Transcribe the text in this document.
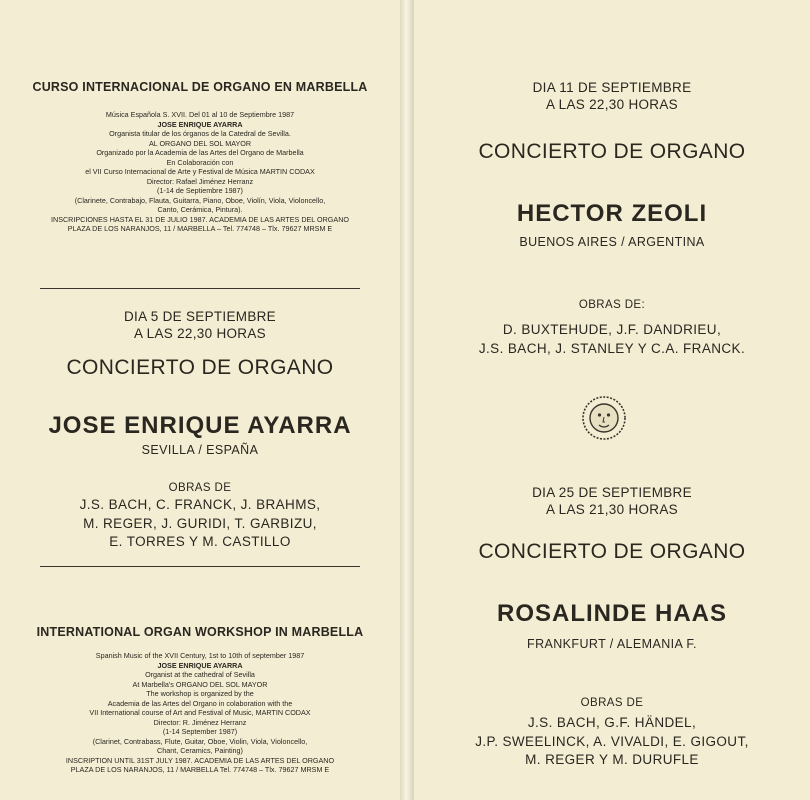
CURSO INTERNACIONAL DE ORGANO EN MARBELLA
Música Española S. XVII. Del 01 al 10 de Septiembre 1987
JOSE ENRIQUE AYARRA
Organista titular de los órganos de la Catedral de Sevilla.
AL ORGANO DEL SOL MAYOR
Organizado por la Academia de las Artes del Organo de Marbella
En Colaboración con
el VII Curso Internacional de Arte y Festival de Música MARTIN CODAX
Director: Rafael Jiménez Herranz
(1-14 de Septiembre 1987)
(Clarinete, Contrabajo, Flauta, Guitarra, Piano, Oboe, Violín, Viola, Violoncello,
Canto, Cerámica, Pintura).
INSCRIPCIONES HASTA EL 31 DE JULIO 1987. ACADEMIA DE LAS ARTES DEL ORGANO
PLAZA DE LOS NARANJOS, 11 / MARBELLA – Tel. 774748 – Tlx. 79627 MRSM E
DIA 5 DE SEPTIEMBRE
A LAS 22,30 HORAS
CONCIERTO DE ORGANO
JOSE ENRIQUE AYARRA
SEVILLA / ESPAÑA
OBRAS DE
J.S. BACH, C. FRANCK, J. BRAHMS,
M. REGER, J. GURIDI, T. GARBIZU,
E. TORRES Y M. CASTILLO
INTERNATIONAL ORGAN WORKSHOP IN MARBELLA
Spanish Music of the XVII Century, 1st to 10th of september 1987
JOSE ENRIQUE AYARRA
Organist at the cathedral of Sevilla
At Marbella's ORGANO DEL SOL MAYOR
The workshop is organized by the
Academia de las Artes del Organo in colaboration with the
VII International course of Art and Festival of Music, MARTIN CODAX
Director: R. Jiménez Herranz
(1-14 September 1987)
(Clarinet, Contrabass, Flute, Guitar, Oboe, Violin, Viola, Violoncello,
Chant, Ceramics, Painting)
INSCRIPTION UNTIL 31ST JULY 1987. ACADEMIA DE LAS ARTES DEL ORGANO
PLAZA DE LOS NARANJOS, 11 / MARBELLA Tel. 774748 – Tlx. 79627 MRSM E
DIA 11 DE SEPTIEMBRE
A LAS 22,30 HORAS
CONCIERTO DE ORGANO
HECTOR ZEOLI
BUENOS AIRES / ARGENTINA
OBRAS DE:
D. BUXTEHUDE, J.F. DANDRIEU,
J.S. BACH, J. STANLEY Y C.A. FRANCK.
DIA 25 DE SEPTIEMBRE
A LAS 21,30 HORAS
CONCIERTO DE ORGANO
ROSALINDE HAAS
FRANKFURT / ALEMANIA F.
OBRAS DE
J.S. BACH, G.F. HÄNDEL,
J.P. SWEELINCK, A. VIVALDI, E. GIGOUT,
M. REGER Y M. DURUFLE
